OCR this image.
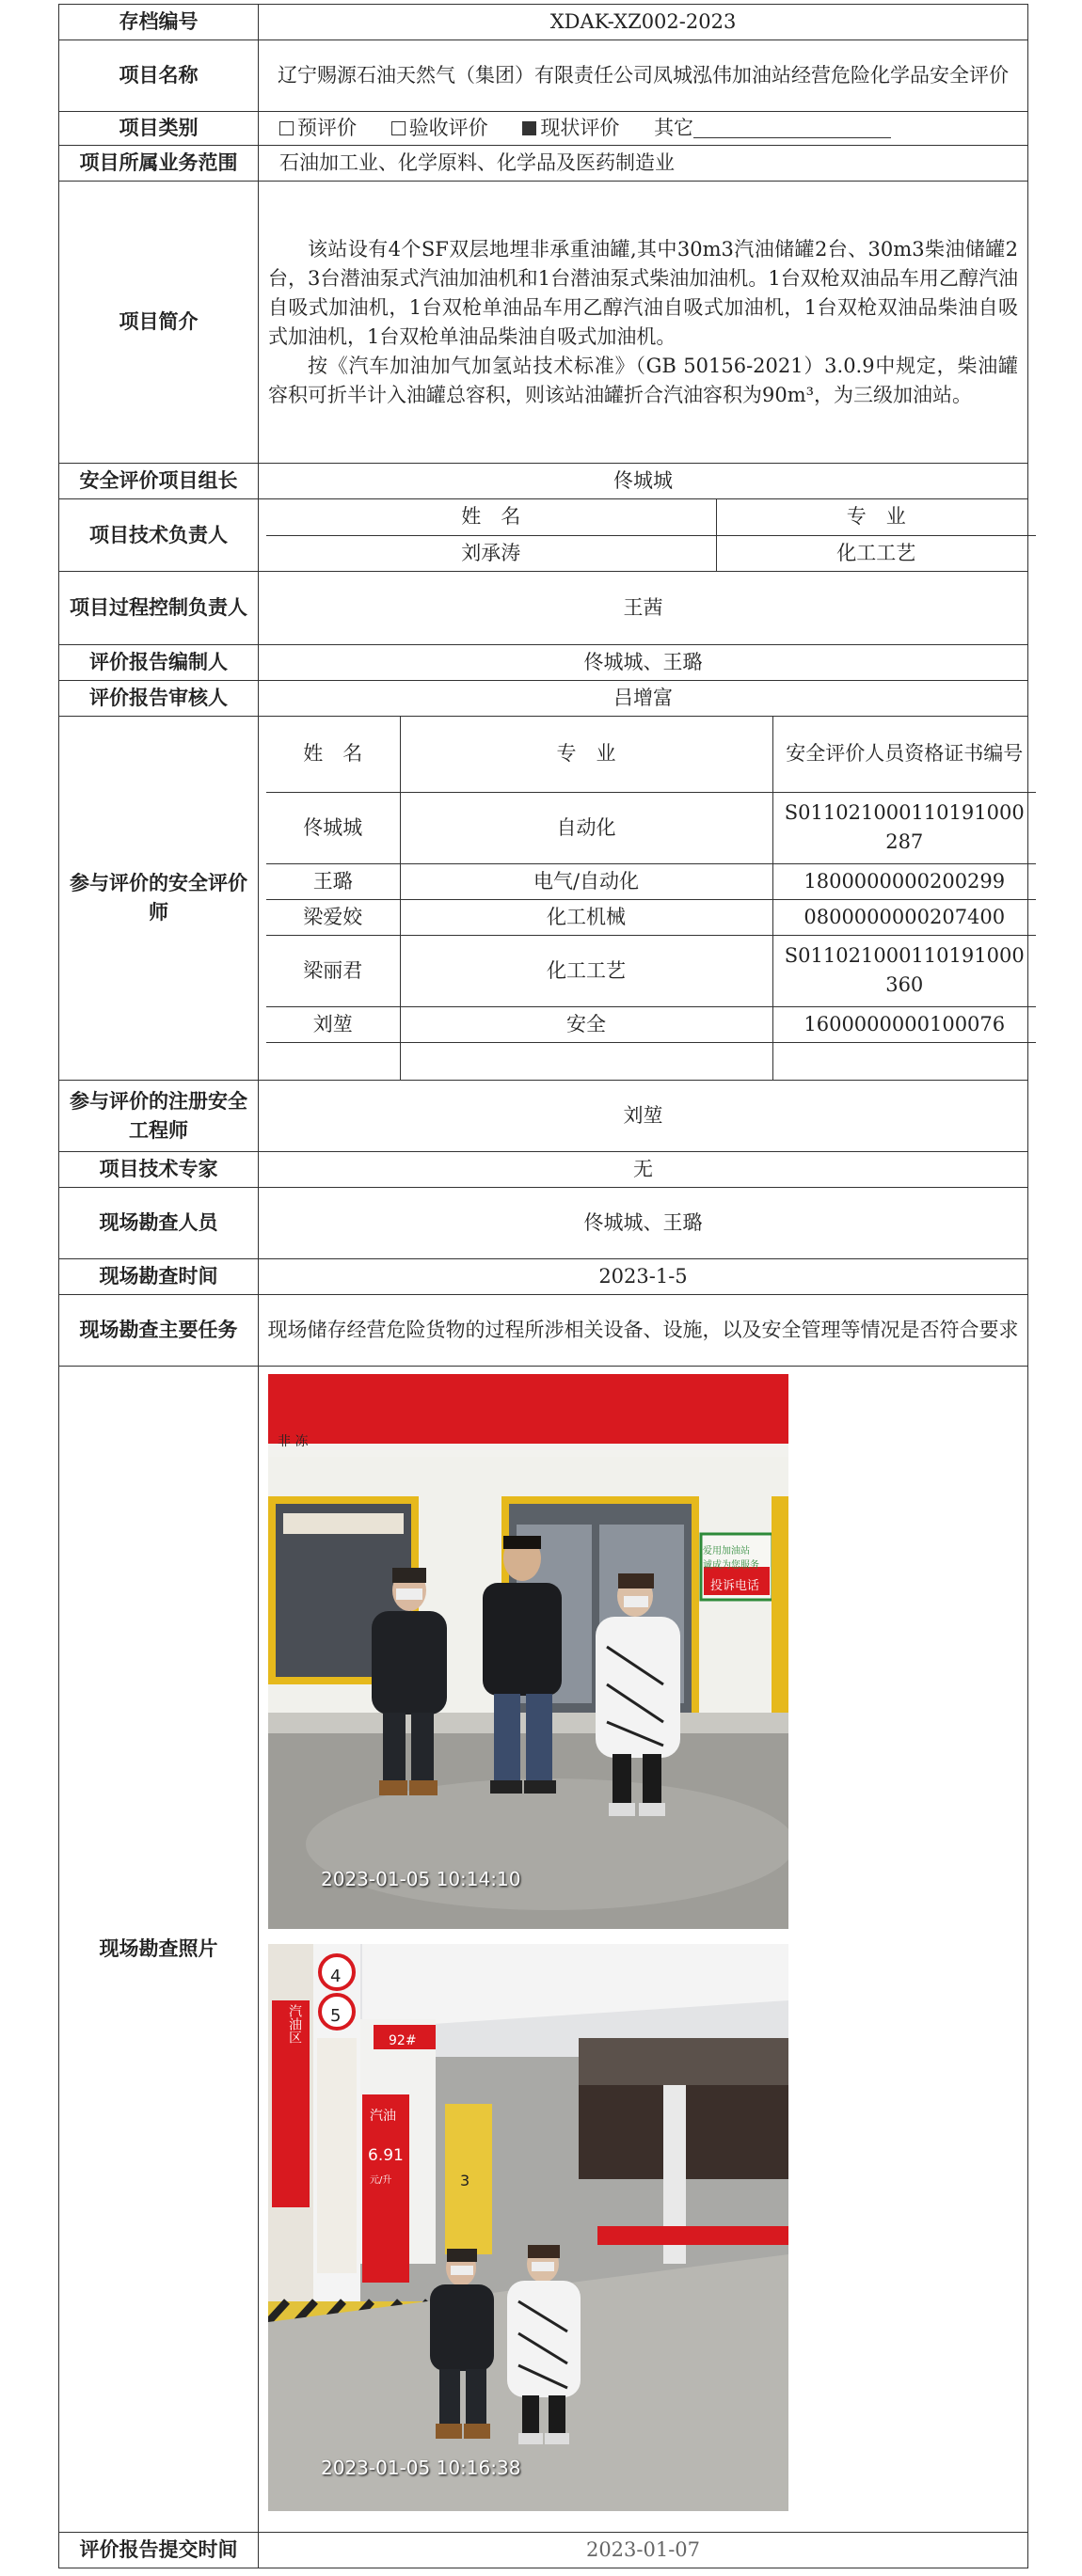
存档编号	XDAK-XZ002-2023
项目名称	辽宁赐源石油天然气（集团）有限责任公司凤城泓伟加油站经营危险化学品安全评价
项目类别	预评价	验收评价	现状评价 其它
项目所属业务范围	石油加工业、化学原料、化学品及医药制造业
项目简介	

该站设有4个SF双层地埋非承重油罐,其中30m3汽油储罐2台、30m3柴油储罐2台，3台潜油泵式汽油加油机和1台潜油泵式柴油加油机。1台双枪双油品车用乙醇汽油自吸式加油机，1台双枪单油品车用乙醇汽油自吸式加油机，1台双枪双油品柴油自吸式加油机，1台双枪单油品柴油自吸式加油机。

按《汽车加油加气加氢站技术标准》（GB 50156-2021）3.0.9中规定，柴油罐容积可折半计入油罐总容积，则该站油罐折合汽油容积为90m³，为三级加油站。

安全评价项目组长	佟城城
项目技术负责人	
姓　名	专　业
刘承涛	化工工艺

项目过程控制负责人	王茜
评价报告编制人	佟城城、王璐
评价报告审核人	吕增富
参与评价的安全评价师	
姓　名	专　业	安全评价人员资格证书编号
佟城城	自动化	S011021000110191000287
王璐	电气/自动化	1800000000200299
梁爱姣	化工机械	0800000000207400
梁丽君	化工工艺	S011021000110191000360
刘堃	安全	1600000000100076

参与评价的注册安全工程师	刘堃
项目技术专家	无
现场勘查人员	佟城城、王璐
现场勘查时间	2023-1-5
现场勘查主要任务	现场储存经营危险货物的过程所涉相关设备、设施，以及安全管理等情况是否符合要求
现场勘查照片	
非 冻
爱用加油站
诚成为您服务
投诉电话
2023-01-05 10:14:10
4
5
汽油区
汽油
6.91
元/升	3
92#
2023-01-05 10:16:38

评价报告提交时间	2023-01-07
